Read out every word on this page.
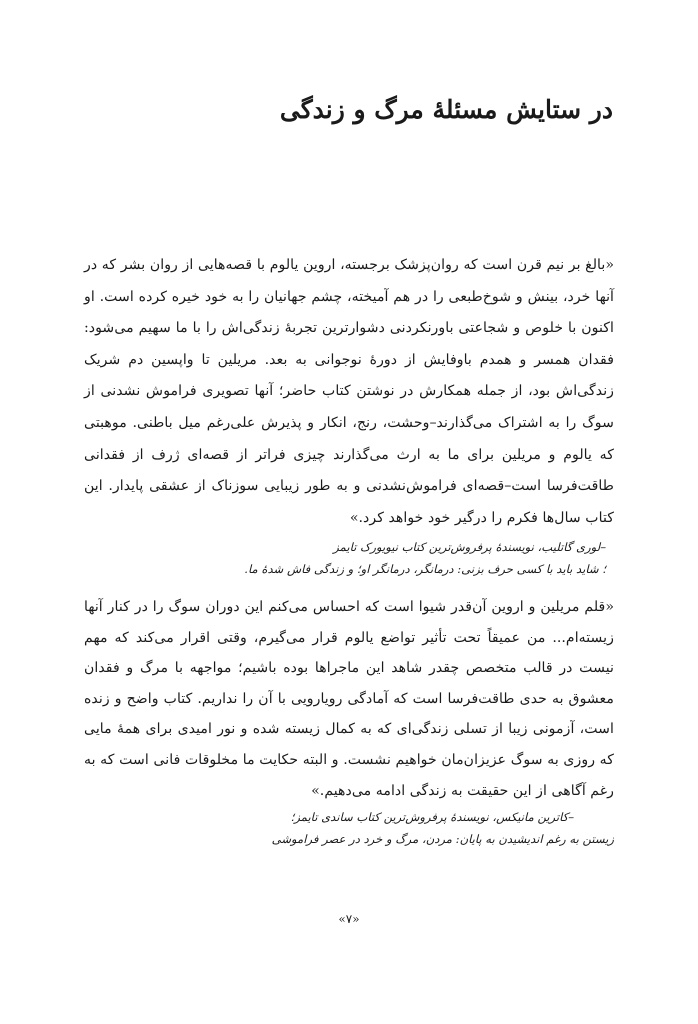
در ستایش مسئلهٔ مرگ و زندگی

«بالغ بر نیم قرن است که روان‌پزشک برجسته، اروین یالوم با قصه‌هایی از روان بشر که در آنها خرد، بینش و شوخ‌طبعی را در هم آمیخته، چشم جهانیان را به خود خیره کرده است. او اکنون با خلوص و شجاعتی باورنکردنی دشوارترین تجربهٔ زندگی‌اش را با ما سهیم می‌شود: فقدان همسر و همدم باوفایش از دورهٔ نوجوانی به بعد. مریلین تا واپسین دم شریک زندگی‌اش بود، از جمله همکارش در نوشتن کتاب حاضر؛ آنها تصویری فراموش نشدنی از سوگ را به اشتراک می‌گذارند–وحشت، رنج، انکار و پذیرش علی‌رغم میل باطنی. موهبتی که یالوم و مریلین برای ما به ارث می‌گذارند چیزی فراتر از قصه‌ای ژرف از فقدانی طاقت‌فرسا است–قصه‌ای فراموش‌نشدنی و به طور زیبایی سوزناک از عشقی پایدار. این کتاب سال‌ها فکرم را درگیر خود خواهد کرد.»

–لوری گاتلیب، نویسندهٔ پرفروش‌ترین کتاب نیویورک تایمز

؛ شاید باید با کسی حرف بزنی: درمانگر، درمانگر او؛ و زندگی فاش شدهٔ ما.

«قلم مریلین و اروین آن‌قدر شیوا است که احساس می‌کنم این دوران سوگ را در کنار آنها زیسته‌ام... من عمیقاً تحت تأثیر تواضع یالوم قرار می‌گیرم، وقتی اقرار می‌کند که مهم نیست در قالب متخصص چقدر شاهد این ماجراها بوده باشیم؛ مواجهه با مرگ و فقدان معشوق به حدی طاقت‌فرسا است که آمادگی رویارویی با آن را نداریم. کتاب واضح و زنده است، آزمونی زیبا از تسلی زندگی‌ای که به کمال زیسته شده و نور امیدی برای همهٔ مایی که روزی به سوگ عزیزان‌مان خواهیم نشست. و البته حکایت ما مخلوقات فانی است که به رغم آگاهی از این حقیقت به زندگی ادامه می‌دهیم.»

–کاترین مانیکس، نویسندهٔ پرفروش‌ترین کتاب ساندی تایمز؛

زیستن به رغم اندیشیدن به پایان: مردن، مرگ و خرد در عصر فراموشی

«۷»
